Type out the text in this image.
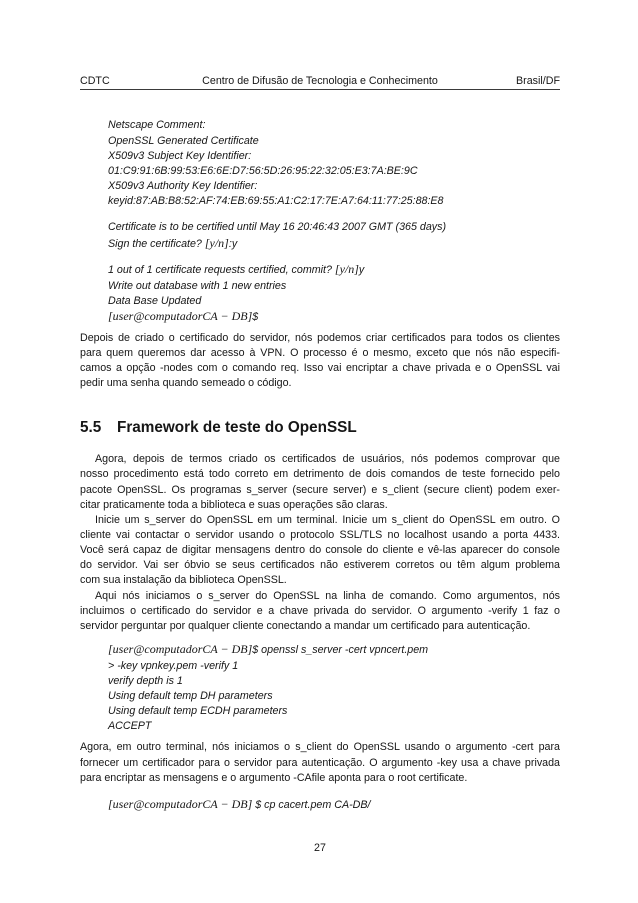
CDTC	Centro de Difusão de Tecnologia e Conhecimento	Brasil/DF
Netscape Comment:
OpenSSL Generated Certificate
X509v3 Subject Key Identifier:
01:C9:91:6B:99:53:E6:6E:D7:56:5D:26:95:22:32:05:E3:7A:BE:9C
X509v3 Authority Key Identifier:
keyid:87:AB:B8:52:AF:74:EB:69:55:A1:C2:17:7E:A7:64:11:77:25:88:E8
Certificate is to be certified until May 16 20:46:43 2007 GMT (365 days)
Sign the certificate? [y/n]:y
1 out of 1 certificate requests certified, commit? [y/n]y
Write out database with 1 new entries
Data Base Updated
[user@computadorCA − DB]$
Depois de criado o certificado do servidor, nós podemos criar certificados para todos os clientes
para quem queremos dar acesso à VPN. O processo é o mesmo, exceto que nós não especifi-
camos a opção -nodes com o comando req. Isso vai encriptar a chave privada e o OpenSSL vai
pedir uma senha quando semeado o código.
5.5 Framework de teste do OpenSSL
Agora, depois de termos criado os certificados de usuários, nós podemos comprovar que
nosso procedimento está todo correto em detrimento de dois comandos de teste fornecido pelo
pacote OpenSSL. Os programas s_server (secure server) e s_client (secure client) podem exer-
citar praticamente toda a biblioteca e suas operações são claras.
Inicie um s_server do OpenSSL em um terminal. Inicie um s_client do OpenSSL em outro. O
cliente vai contactar o servidor usando o protocolo SSL/TLS no localhost usando a porta 4433.
Você será capaz de digitar mensagens dentro do console do cliente e vê-las aparecer do console
do servidor. Vai ser óbvio se seus certificados não estiverem corretos ou têm algum problema
com sua instalação da biblioteca OpenSSL.
Aqui nós iniciamos o s_server do OpenSSL na linha de comando. Como argumentos, nós
incluimos o certificado do servidor e a chave privada do servidor. O argumento -verify 1 faz o
servidor perguntar por qualquer cliente conectando a mandar um certificado para autenticação.
[user@computadorCA − DB]$ openssl s_server -cert vpncert.pem
> -key vpnkey.pem -verify 1
verify depth is 1
Using default temp DH parameters
Using default temp ECDH parameters
ACCEPT
Agora, em outro terminal, nós iniciamos o s_client do OpenSSL usando o argumento -cert para
fornecer um certificador para o servidor para autenticação. O argumento -key usa a chave privada
para encriptar as mensagens e o argumento -CAfile aponta para o root certificate.
[user@computadorCA − DB] $ cp cacert.pem CA-DB/
27
